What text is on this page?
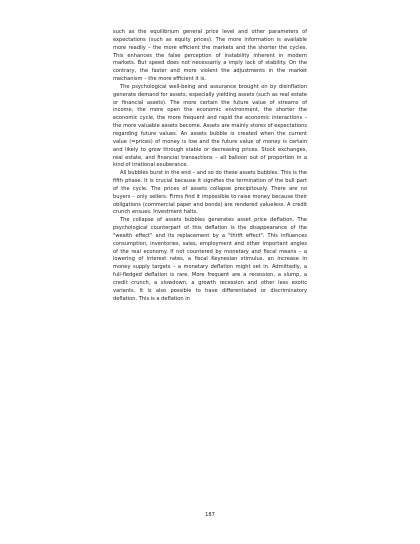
such as the equilibrium general price level and other parameters of expectations (such as equity prices). The more information is available more readily – the more efficient the markets and the shorter the cycles. This enhances the false perception of instability inherent in modern markets. But speed does not necessarily a imply lack of stability. On the contrary, the faster and more violent the adjustments in the market mechanism – the more efficient it is.

The psychological well-being and assurance brought on by disinflation generate demand for assets, especially yielding assets (such as real estate or financial assets). The more certain the future value of streams of income, the more open the economic environment, the shorter the economic cycle, the more frequent and rapid the economic interactions – the more valuable assets become. Assets are mainly stores of expectations regarding future values. An assets bubble is created when the current value (=prices) of money is low and the future value of money is certain and likely to grow through stable or decreasing prices. Stock exchanges, real estate, and financial transactions – all balloon out of proportion in a kind of irrational exuberance.

All bubbles burst in the end – and so do these assets bubbles. This is the fifth phase. It is crucial because it signifies the termination of the bull part of the cycle. The prices of assets collapse precipitously. There are no buyers – only sellers. Firms find it impossible to raise money because their obligations (commercial paper and bonds) are rendered valueless. A credit crunch ensues. Investment halts.

The collapse of assets bubbles generates asset price deflation. The psychological counterpart of this deflation is the disappearance of the "wealth effect" and its replacement by a "thrift effect". This influences consumption, inventories, sales, employment and other important angles of the real economy. If not countered by monetary and fiscal means – a lowering of interest rates, a fiscal Keynesian stimulus, an increase in money supply targets – a monetary deflation might set in. Admittedly, a full-fledged deflation is rare. More frequent are a recession, a slump, a credit crunch, a slowdown, a growth recession and other less exotic variants. It is also possible to have differentiated or discriminatory deflation. This is a deflation in

187
